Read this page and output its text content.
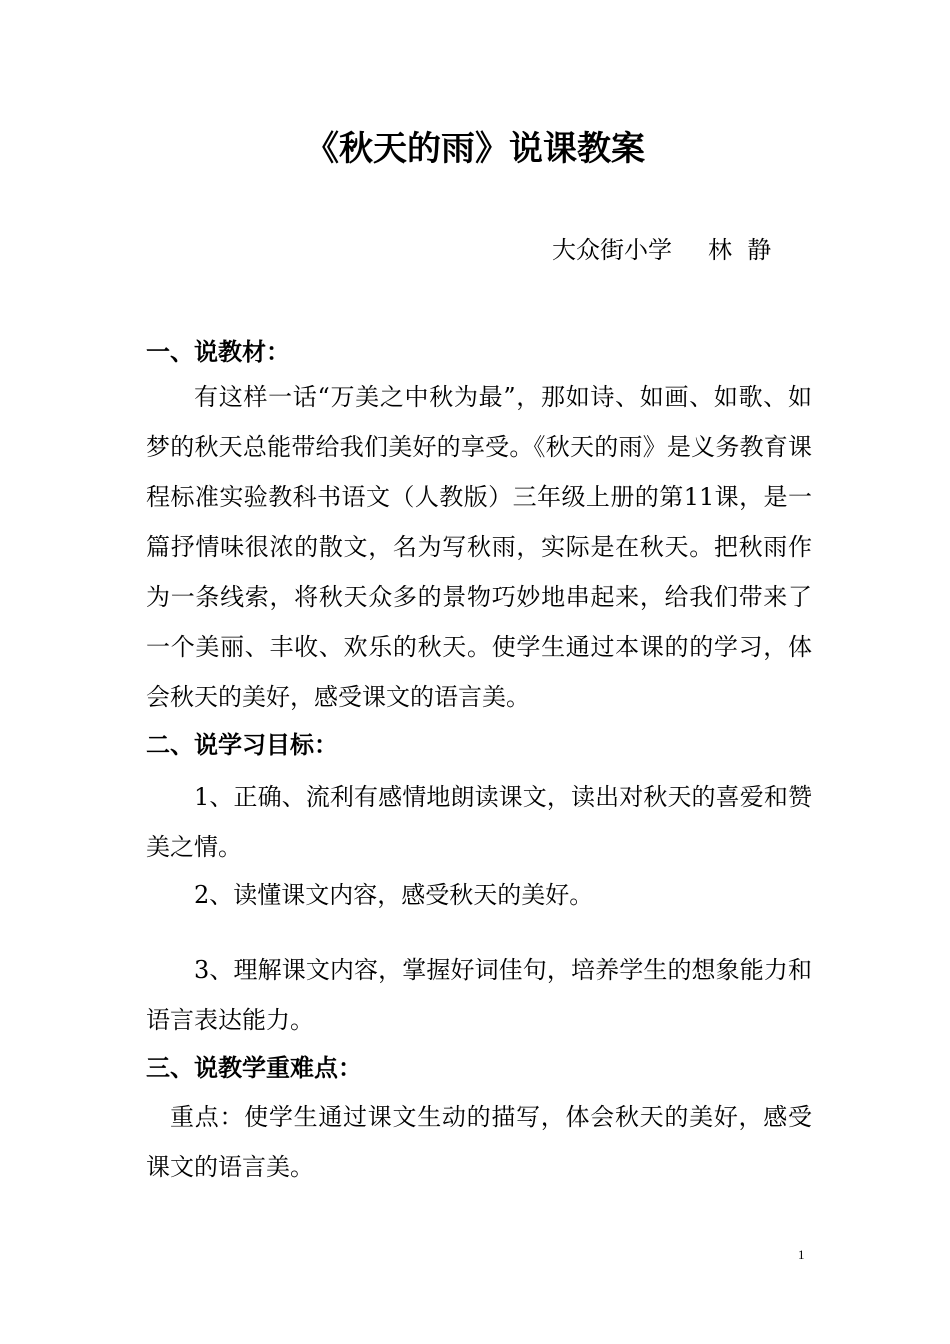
《秋天的雨》说课教案
大众街小学 林  静
一、说教材：
有这样一话“万美之中秋为最”，那如诗、如画、如歌、如梦的秋天总能带给我们美好的享受。《秋天的雨》是义务教育课程标准实验教科书语文（人教版）三年级上册的第11课，是一篇抒情味很浓的散文，名为写秋雨，实际是在秋天。把秋雨作为一条线索，将秋天众多的景物巧妙地串起来，给我们带来了一个美丽、丰收、欢乐的秋天。使学生通过本课的的学习，体会秋天的美好，感受课文的语言美。
二、说学习目标：
1、正确、流利有感情地朗读课文，读出对秋天的喜爱和赞美之情。
2、读懂课文内容，感受秋天的美好。
3、理解课文内容，掌握好词佳句，培养学生的想象能力和语言表达能力。
三、说教学重难点：
重点：使学生通过课文生动的描写，体会秋天的美好，感受课文的语言美。
1
